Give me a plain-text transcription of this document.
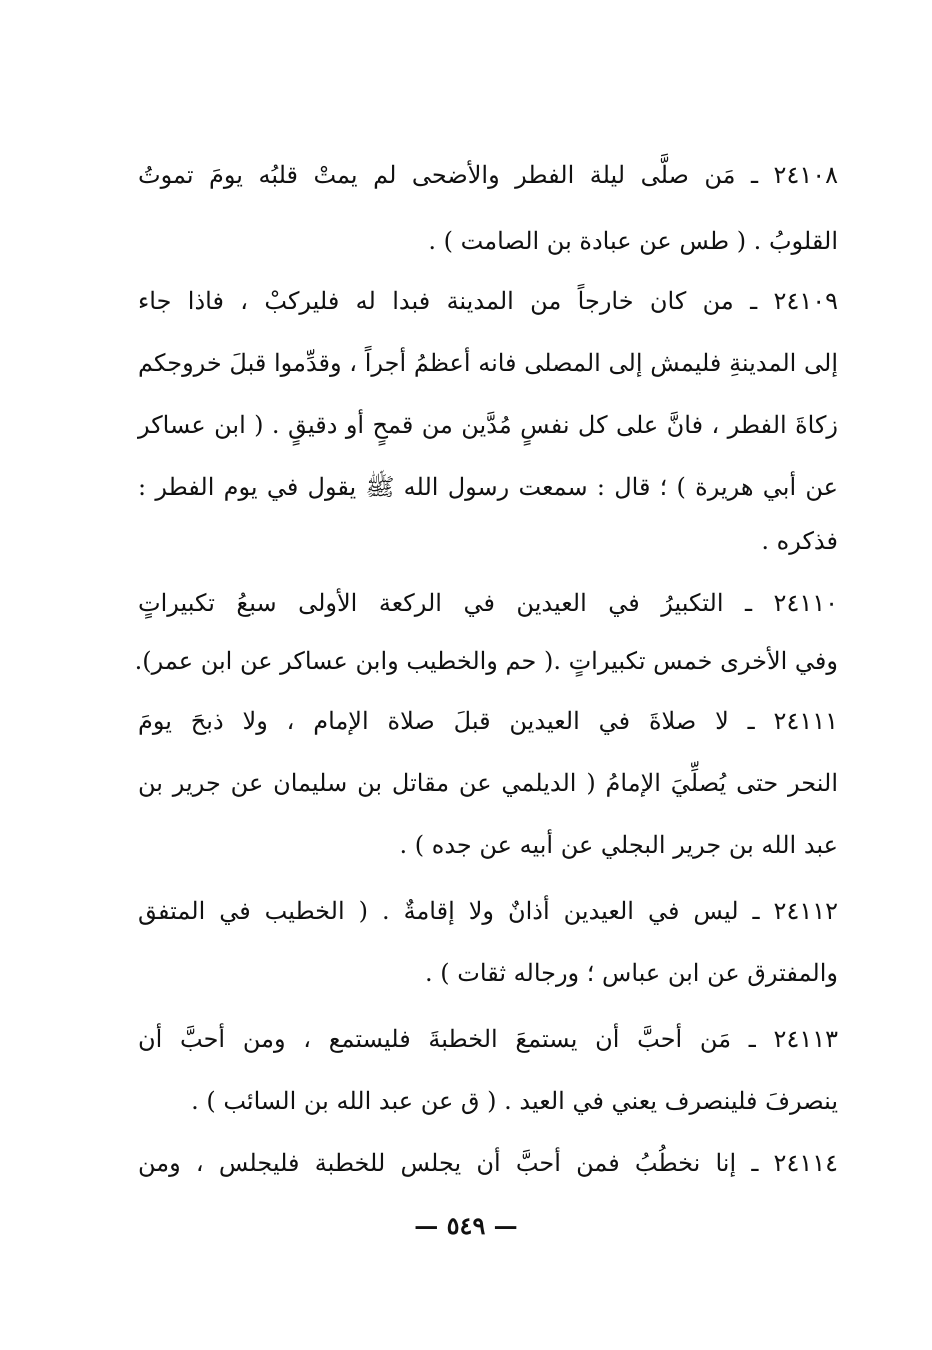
٢٤١٠٨ ـ مَن صلَّى ليلة الفطر والأضحى لم يمتْ قلبُه يومَ تموتُ
القلوبُ . ( طس عن عبادة بن الصامت ) .
٢٤١٠٩ ـ من كان خارجاً من المدينة فبدا له فليركبْ ، فاذا جاء
إلى المدينةِ فليمش إلى المصلى فانه أعظمُ أجراً ، وقدِّموا قبلَ خروجكم
زكاةَ الفطر ، فانَّ على كل نفسٍ مُدَّين من قمحٍ أو دقيقٍ . ( ابن عساكر
عن أبي هريرة ) ؛ قال : سمعت رسول الله ﷺ يقول في يوم الفطر :
فذكره .
٢٤١١٠ ـ التكبيرُ في العيدين في الركعة الأولى سبعُ تكبيراتٍ
وفي الأخرى خمس تكبيراتٍ .( حم والخطيب وابن عساكر عن ابن عمر).
٢٤١١١ ـ لا صلاةَ في العيدين قبلَ صلاة الإمام ، ولا ذبحَ يومَ
النحر حتى يُصلِّيَ الإمامُ ( الديلمي عن مقاتل بن سليمان عن جرير بن
عبد الله بن جرير البجلي عن أبيه عن جده ) .
٢٤١١٢ ـ ليس في العيدين أذانٌ ولا إقامةٌ . ( الخطيب في المتفق
والمفترق عن ابن عباس ؛ ورجاله ثقات ) .
٢٤١١٣ ـ مَن أحبَّ أن يستمعَ الخطبةَ فليستمع ، ومن أحبَّ أن
ينصرفَ فلينصرف يعني في العيد . ( ق عن عبد الله بن السائب ) .
٢٤١١٤ ـ إنا نخطُبُ فمن أحبَّ أن يجلس للخطبة فليجلس ، ومن
— ٥٤٩ —
